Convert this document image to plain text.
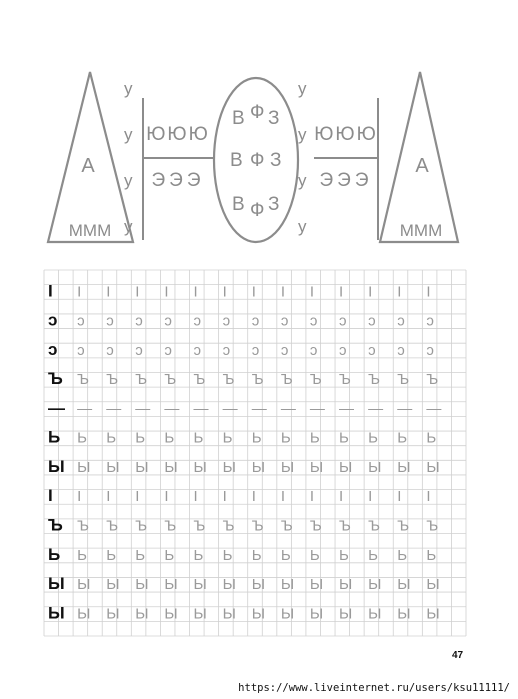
А
МММ
у
у
у
у
ЮЮЮ
ЭЭЭ
В Ф З
В Ф З
В Ф З
у
у
у
у
ЮЮЮ
ЭЭЭ
А
МММ
I I I I I I I I I I I I I I
ɔ ɔ ɔ ɔ ɔ ɔ ɔ ɔ ɔ ɔ ɔ ɔ ɔ ɔ
ɔ ɔ ɔ ɔ ɔ ɔ ɔ ɔ ɔ ɔ ɔ ɔ ɔ ɔ
Ъ Ъ Ъ Ъ Ъ Ъ Ъ Ъ Ъ Ъ Ъ Ъ Ъ Ъ
— — — — — — — — — — — — — —
Ь Ь Ь Ь Ь Ь Ь Ь Ь Ь Ь Ь Ь Ь
Ы Ы Ы Ы Ы Ы Ы Ы Ы Ы Ы Ы Ы Ы
I I I I I I I I I I I I I I
Ъ Ъ Ъ Ъ Ъ Ъ Ъ Ъ Ъ Ъ Ъ Ъ Ъ Ъ
Ь Ь Ь Ь Ь Ь Ь Ь Ь Ь Ь Ь Ь Ь
Ы Ы Ы Ы Ы Ы Ы Ы Ы Ы Ы Ы Ы Ы
Ы Ы Ы Ы Ы Ы Ы Ы Ы Ы Ы Ы Ы Ы
47
https://www.liveinternet.ru/users/ksu11111/
